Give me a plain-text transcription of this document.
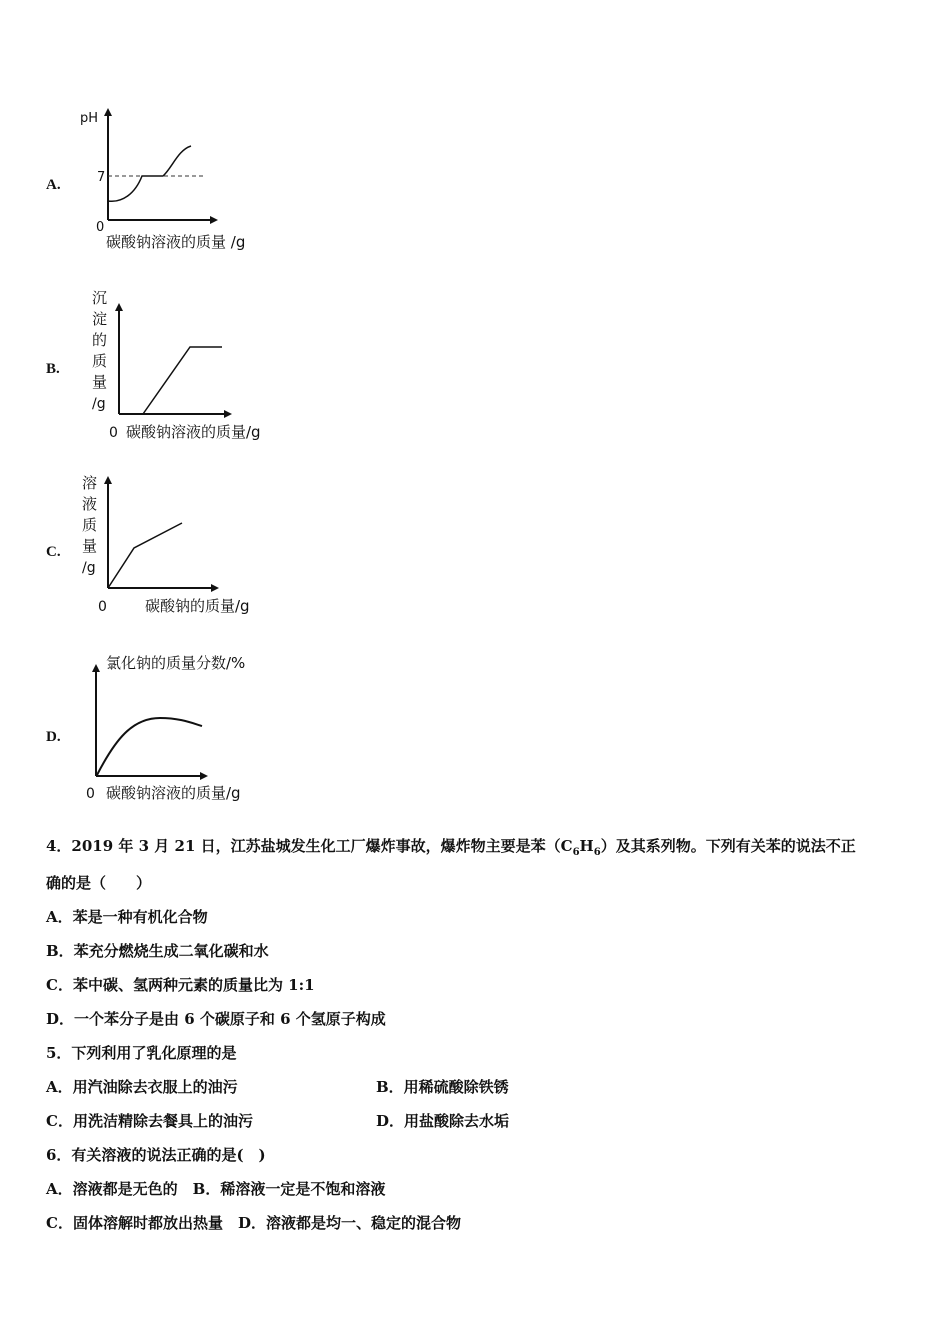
A.
B.
C.
D.
pH
7
0
碳酸钠溶液的质量 /g
沉
淀
的
质
量
/g
0 碳酸钠溶液的质量/g
溶
液
质
量
/g
0	碳酸钠的质量/g
氯化钠的质量分数/%
0 碳酸钠溶液的质量/g
4．2019 年 3 月 21 日，江苏盐城发生化工厂爆炸事故，爆炸物主要是苯$(C_6H_6)$及其系列物。下列有关苯的说法不正
确的是（　　）
A．苯是一种有机化合物
B．苯充分燃烧生成二氧化碳和水
C．苯中碳、氢两种元素的质量比为 1:1
D．一个苯分子是由 6 个碳原子和 6 个氢原子构成
5．下列利用了乳化原理的是
A．用汽油除去衣服上的油污	B．用稀硫酸除铁锈
C．用洗洁精除去餐具上的油污	D．用盐酸除去水垢
6．有关溶液的说法正确的是(　)
A．溶液都是无色的　B．稀溶液一定是不饱和溶液
C．固体溶解时都放出热量　D．溶液都是均一、稳定的混合物
